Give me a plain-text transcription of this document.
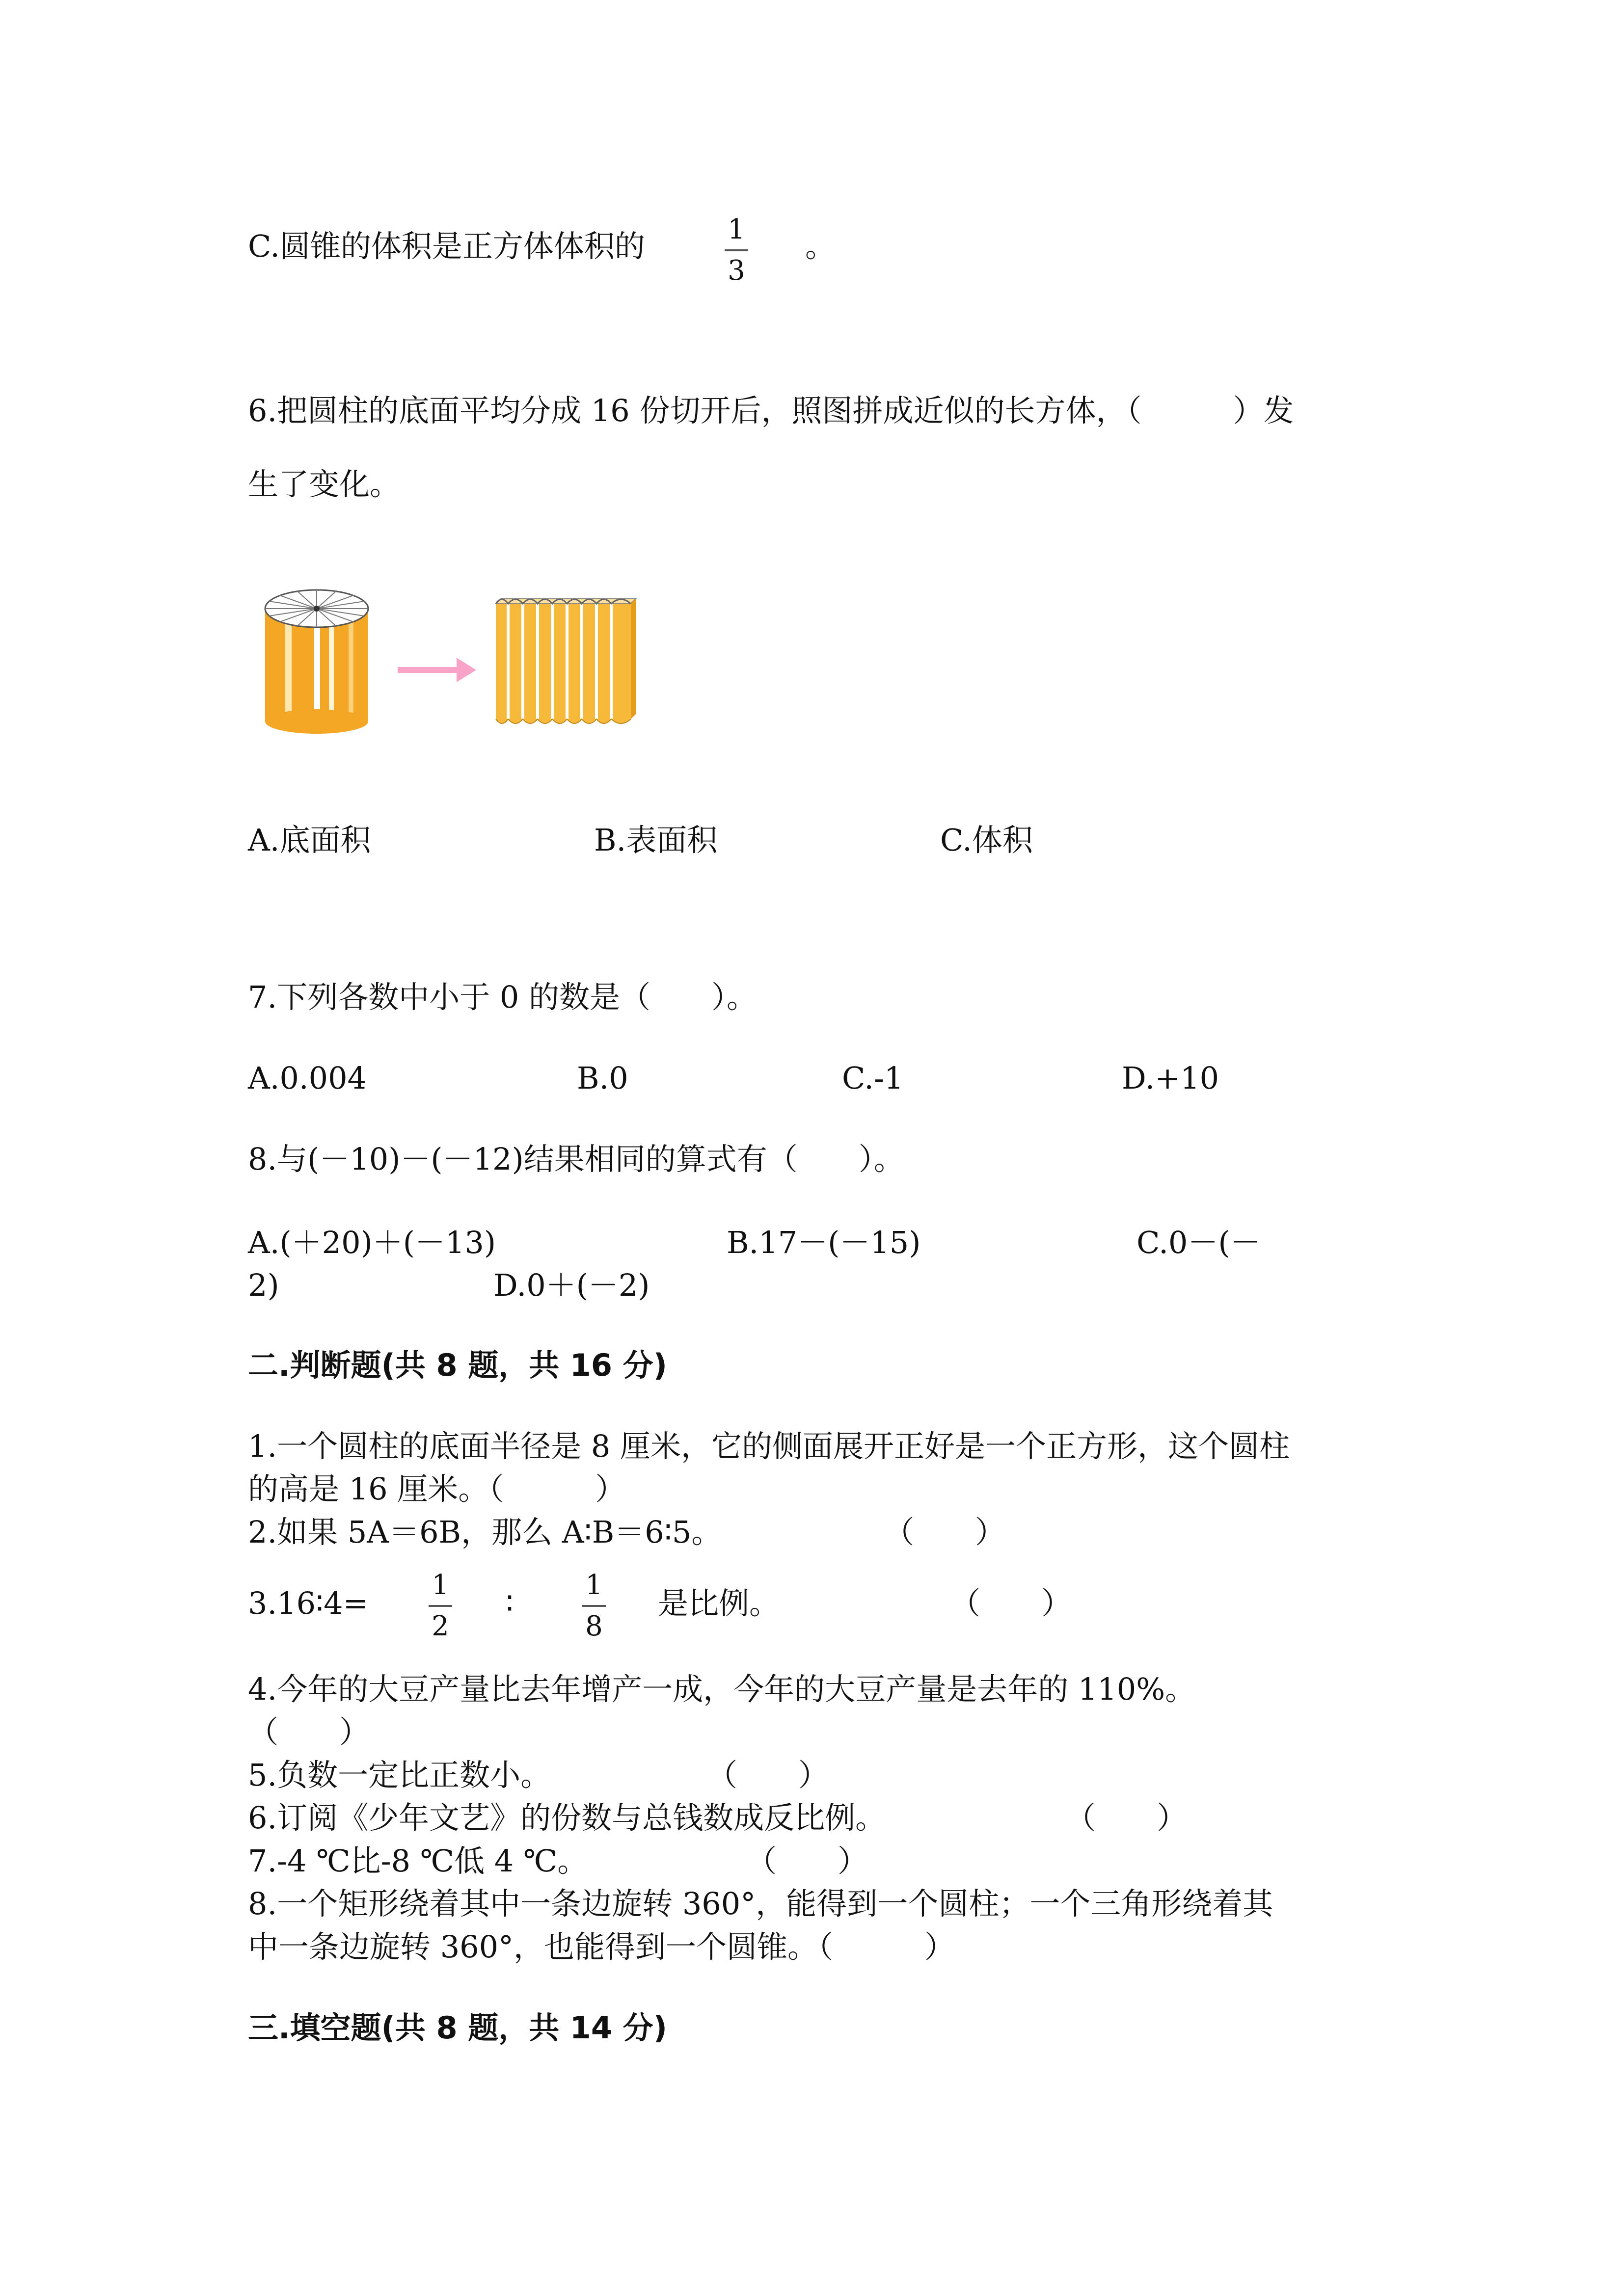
C.圆锥的体积是正方体体积的	1
3
。
6.把圆柱的底面平均分成 16 份切开后，照图拼成近似的长方体，（　　　）发
生了变化。
A.底面积	B.表面积	C.体积
7.下列各数中小于 0 的数是（　　）。
A.0.004	B.0	C.-1	D.+10
8.与(－10)－(－12)结果相同的算式有（　　）。
A.(＋20)＋(－13)	B.17－(－15)	C.0－(－
2)	D.0＋(－2)
二.判断题(共 8 题，共 16 分)
1.一个圆柱的底面半径是 8 厘米，它的侧面展开正好是一个正方形，这个圆柱
的高是 16 厘米。（　　　）
2.如果 5A＝6B，那么 A∶B＝6∶5。	（　　）
3.16∶4=
1
2
∶
1
8
是比例。	（　　）
4.今年的大豆产量比去年增产一成，今年的大豆产量是去年的 110%。
（　　）
5.负数一定比正数小。	（　　）
6.订阅《少年文艺》的份数与总钱数成反比例。	（　　）
7.-4 ℃比-8 ℃低 4 ℃。	（　　）
8.一个矩形绕着其中一条边旋转 360°，能得到一个圆柱；一个三角形绕着其
中一条边旋转 360°，也能得到一个圆锥。（　　　）
三.填空题(共 8 题，共 14 分)
